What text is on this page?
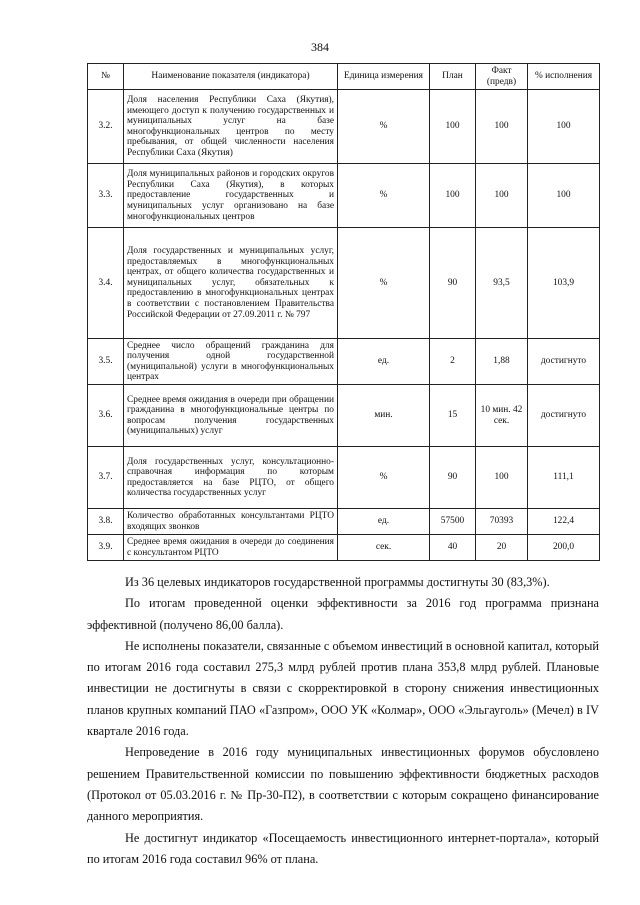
384
№	Наименование показателя (индикатора)	Единица измерения	План	Факт (предв)	% исполнения
3.2.	Доля населения Республики Саха (Якутия), имеющего доступ к получению государственных и муниципальных услуг на базе многофункциональных центров по месту пребывания, от общей численности населения Республики Саха (Якутия)	%	100	100	100
3.3.	Доля муниципальных районов и городских округов Республики Саха (Якутия), в которых предоставление государственных и муниципальных услуг организовано на базе многофункциональных центров	%	100	100	100
3.4.	Доля государственных и муниципальных услуг, предоставляемых в многофункциональных центрах, от общего количества государственных и муниципальных услуг, обязательных к предоставлению в многофункциональных центрах в соответствии с постановлением Правительства Российской Федерации от 27.09.2011 г. № 797	%	90	93,5	103,9
3.5.	Среднее число обращений гражданина для получения одной государственной (муниципальной) услуги в многофункциональных центрах	ед.	2	1,88	достигнуто
3.6.	Среднее время ожидания в очереди при обращении гражданина в многофункциональные центры по вопросам получения государственных (муниципальных) услуг	мин.	15	10 мин. 42 сек.	достигнуто
3.7.	Доля государственных услуг, консультационно-справочная информация по которым предоставляется на базе РЦТО, от общего количества государственных услуг	%	90	100	111,1
3.8.	Количество обработанных консультантами РЦТО входящих звонков	ед.	57500	70393	122,4
3.9.	Среднее время ожидания в очереди до соединения с консультантом РЦТО	сек.	40	20	200,0

Из 36 целевых индикаторов государственной программы достигнуты 30 (83,3%).

По итогам проведенной оценки эффективности за 2016 год программа признана эффективной (получено 86,00 балла).

Не исполнены показатели, связанные с объемом инвестиций в основной капитал, который по итогам 2016 года составил 275,3 млрд рублей против плана 353,8 млрд рублей. Плановые инвестиции не достигнуты в связи с скорректировкой в сторону снижения инвестиционных планов крупных компаний ПАО «Газпром», ООО УК «Колмар», ООО «Эльгауголь» (Мечел) в IV квартале 2016 года.

Непроведение в 2016 году муниципальных инвестиционных форумов обусловлено решением Правительственной комиссии по повышению эффективности бюджетных расходов (Протокол от 05.03.2016 г. № Пр-30-П2), в соответствии с которым сокращено финансирование данного мероприятия.

Не достигнут индикатор «Посещаемость инвестиционного интернет-портала», который по итогам 2016 года составил 96% от плана.
